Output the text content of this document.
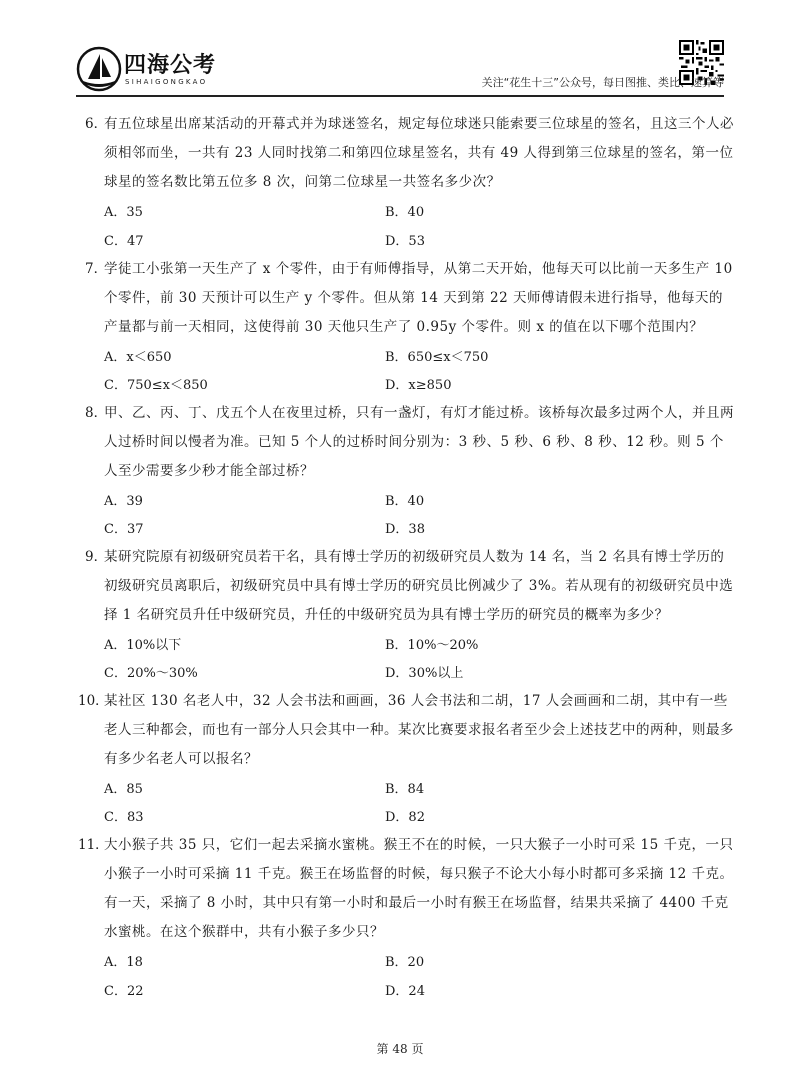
四海公考
SIHAIGONGKAO	关注“花生十三”公众号，每日图推、类比、速算等
6．
有五位球星出席某活动的开幕式并为球迷签名，规定每位球迷只能索要三位球星的签名，且这三个人必须相邻而坐，一共有 23 人同时找第二和第四位球星签名，共有 49 人得到第三位球星的签名，第一位球星的签名数比第五位多 8 次，问第二位球星一共签名多少次？
A．35	B．40
C．47	D．53
7．
学徒工小张第一天生产了 x 个零件，由于有师傅指导，从第二天开始，他每天可以比前一天多生产 10 个零件，前 30 天预计可以生产 y 个零件。但从第 14 天到第 22 天师傅请假未进行指导，他每天的产量都与前一天相同，这使得前 30 天他只生产了 0.95y 个零件。则 x 的值在以下哪个范围内？
A．x＜650	B．650≤x＜750
C．750≤x＜850	D．x≥850
8．
甲、乙、丙、丁、戊五个人在夜里过桥，只有一盏灯，有灯才能过桥。该桥每次最多过两个人，并且两人过桥时间以慢者为准。已知 5 个人的过桥时间分别为：3 秒、5 秒、6 秒、8 秒、12 秒。则 5 个人至少需要多少秒才能全部过桥？
A．39	B．40
C．37	D．38
9．
某研究院原有初级研究员若干名，具有博士学历的初级研究员人数为 14 名，当 2 名具有博士学历的初级研究员离职后，初级研究员中具有博士学历的研究员比例减少了 3%。若从现有的初级研究员中选择 1 名研究员升任中级研究员，升任的中级研究员为具有博士学历的研究员的概率为多少？
A．10%以下	B．10%～20%
C．20%～30%	D．30%以上
10．
某社区 130 名老人中，32 人会书法和画画，36 人会书法和二胡，17 人会画画和二胡，其中有一些老人三种都会，而也有一部分人只会其中一种。某次比赛要求报名者至少会上述技艺中的两种，则最多有多少名老人可以报名？
A．85	B．84
C．83	D．82
11．
大小猴子共 35 只，它们一起去采摘水蜜桃。猴王不在的时候，一只大猴子一小时可采 15 千克，一只小猴子一小时可采摘 11 千克。猴王在场监督的时候，每只猴子不论大小每小时都可多采摘 12 千克。有一天，采摘了 8 小时，其中只有第一小时和最后一小时有猴王在场监督，结果共采摘了 4400 千克水蜜桃。在这个猴群中，共有小猴子多少只？
A．18	B．20
C．22	D．24
第 48 页
